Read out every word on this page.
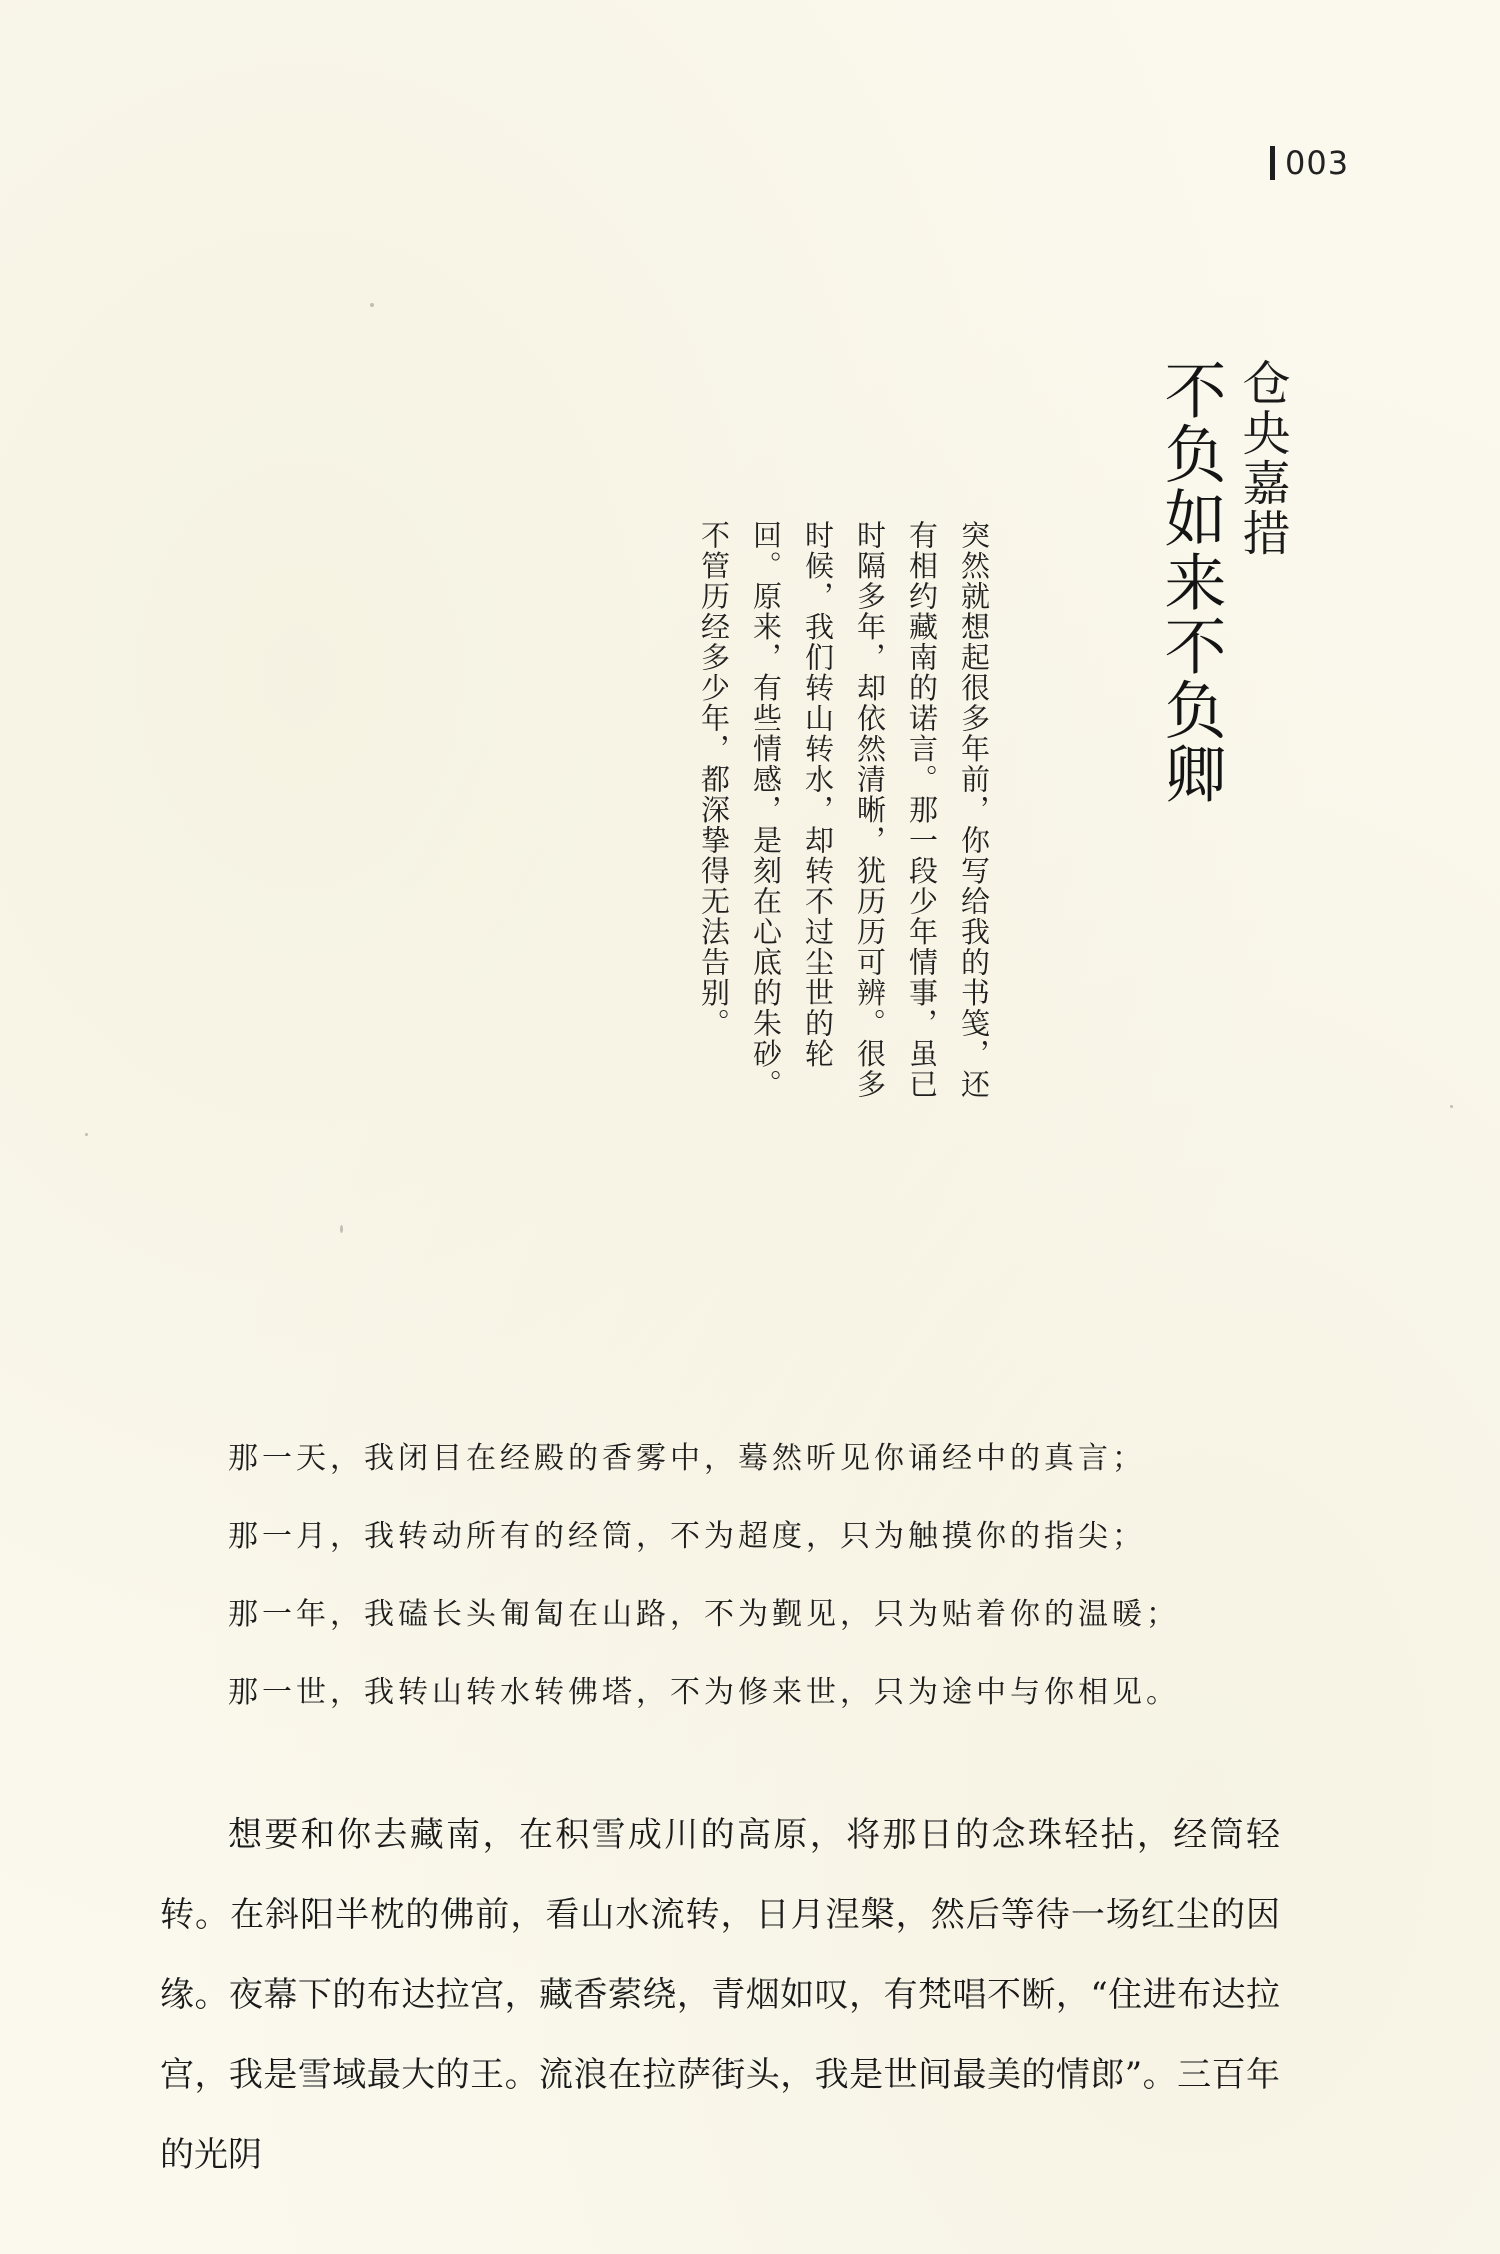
003
仓央嘉措
不负如来不负卿

突然就想起很多年前，你写给我的书笺，还有相约藏南的诺言。那一段少年情事，虽已时隔多年，却依然清晰，犹历历可辨。很多时候，我们转山转水，却转不过尘世的轮回。原来，有些情感，是刻在心底的朱砂。不管历经多少年，都深挚得无法告别。

那一天，我闭目在经殿的香雾中，蓦然听见你诵经中的真言；
那一月，我转动所有的经筒，不为超度，只为触摸你的指尖；
那一年，我磕长头匍匐在山路，不为觐见，只为贴着你的温暖；
那一世，我转山转水转佛塔，不为修来世，只为途中与你相见。

想要和你去藏南，在积雪成川的高原，将那日的念珠轻拈，经筒轻转。在斜阳半枕的佛前，看山水流转，日月涅槃，然后等待一场红尘的因缘。夜幕下的布达拉宫，藏香萦绕，青烟如叹，有梵唱不断，“住进布达拉宫，我是雪域最大的王。流浪在拉萨街头，我是世间最美的情郎”。三百年的光阴
